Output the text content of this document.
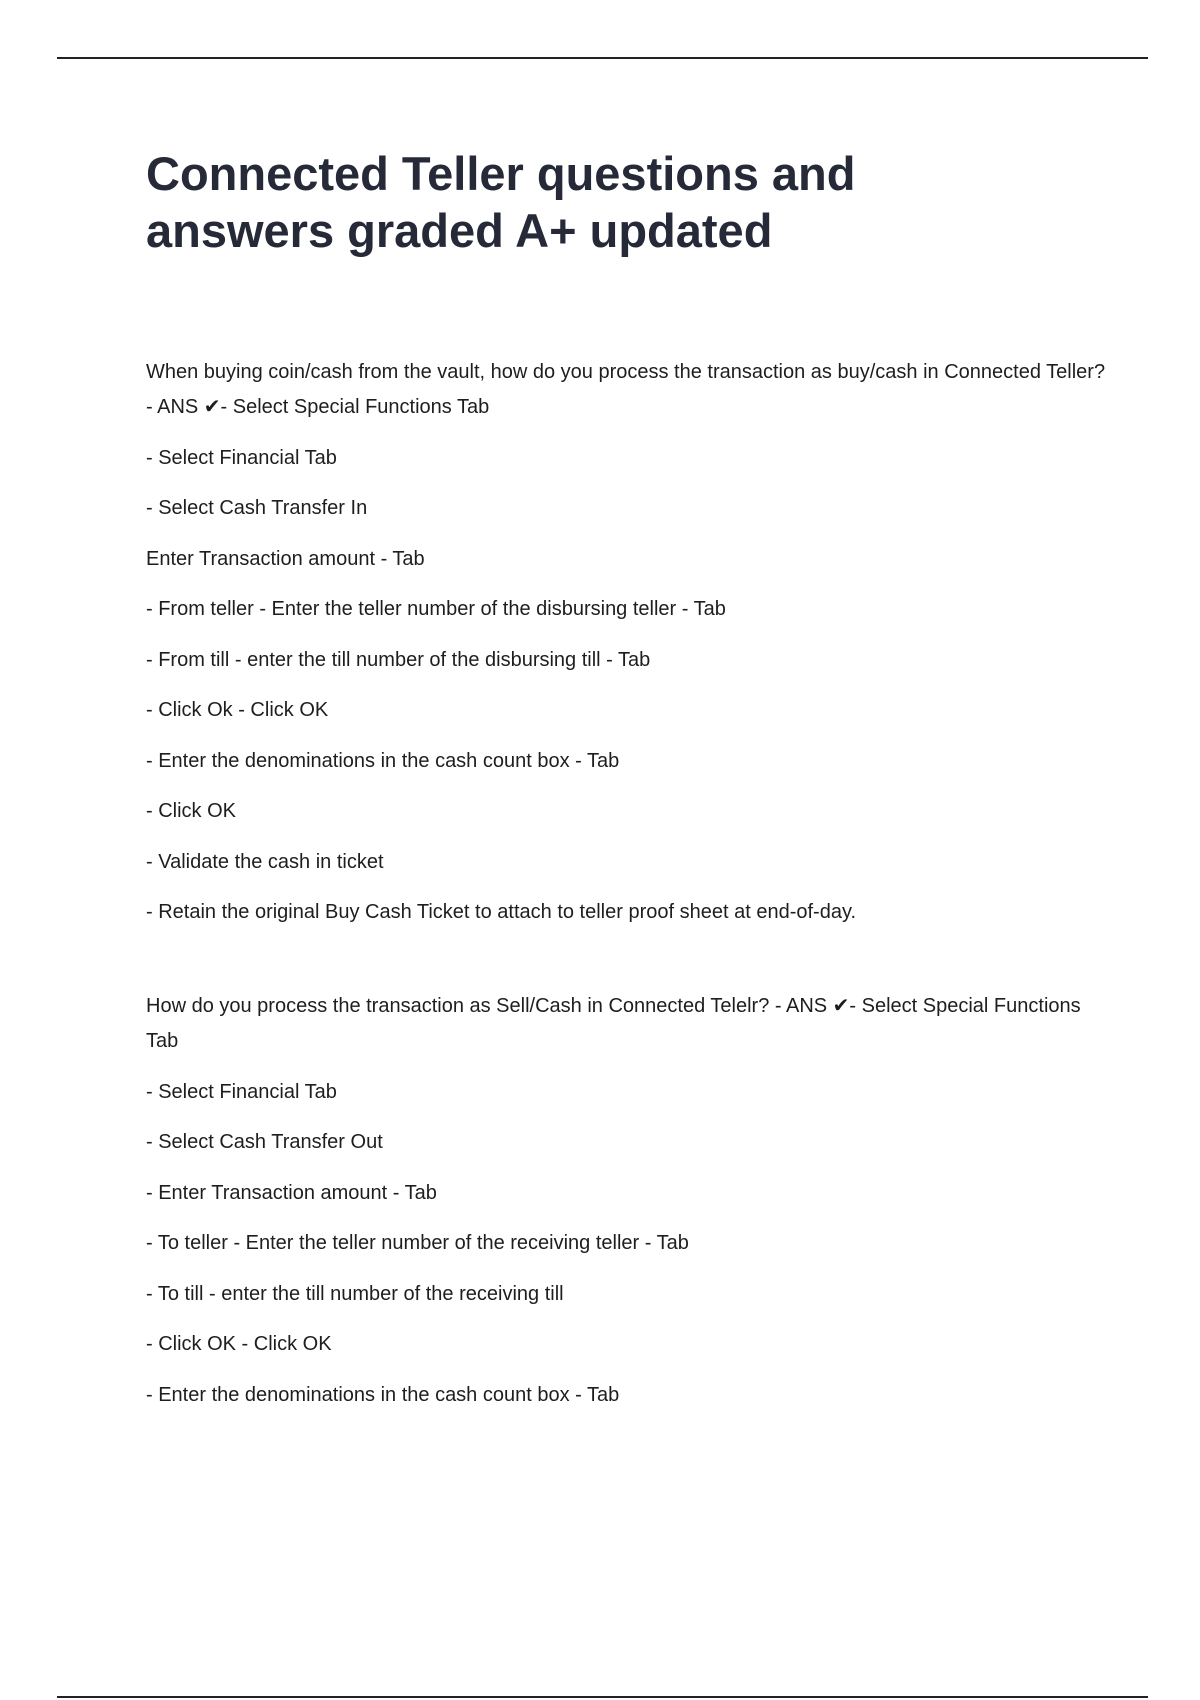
Connected Teller questions and answers graded A+ updated

When buying coin/cash from the vault, how do you process the transaction as buy/cash in Connected Teller? - ANS ✔- Select Special Functions Tab

- Select Financial Tab

- Select Cash Transfer In

Enter Transaction amount - Tab

- From teller - Enter the teller number of the disbursing teller - Tab

- From till - enter the till number of the disbursing till - Tab

- Click Ok - Click OK

- Enter the denominations in the cash count box - Tab

- Click OK

- Validate the cash in ticket

- Retain the original Buy Cash Ticket to attach to teller proof sheet at end-of-day.

How do you process the transaction as Sell/Cash in Connected Telelr? - ANS ✔- Select Special Functions Tab

- Select Financial Tab

- Select Cash Transfer Out

- Enter Transaction amount - Tab

- To teller - Enter the teller number of the receiving teller - Tab

- To till - enter the till number of the receiving till

- Click OK - Click OK

- Enter the denominations in the cash count box - Tab
